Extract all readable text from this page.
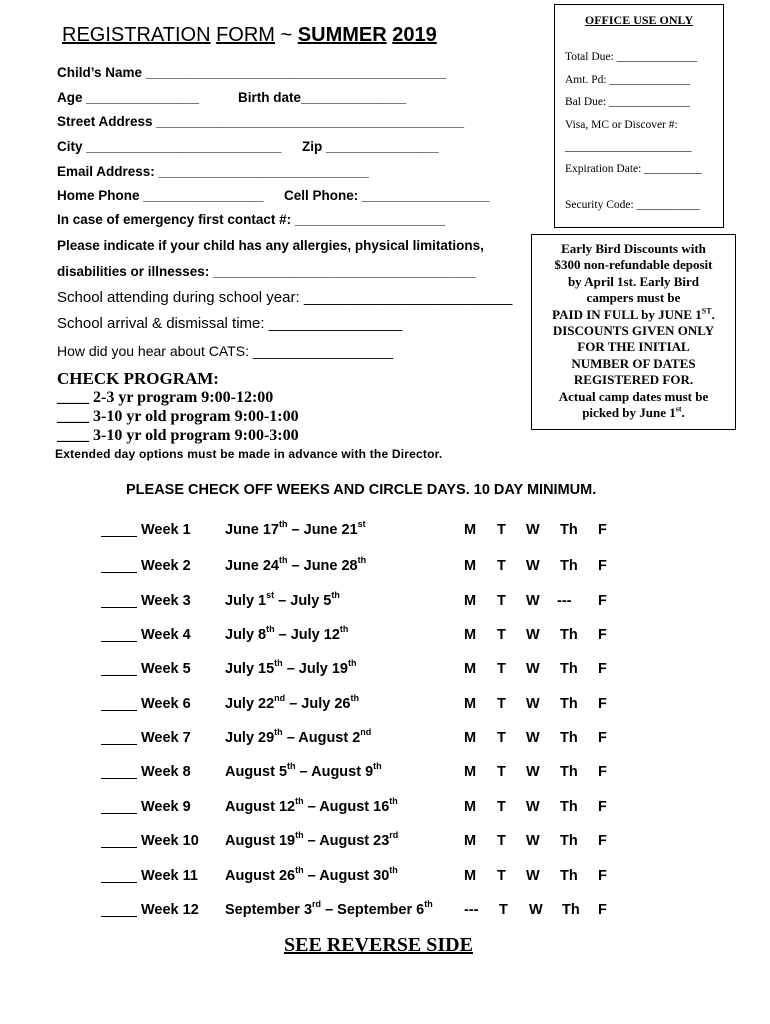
REGISTRATION FORM ~ SUMMER 2019
Child’s Name ________________________________________
Age _______________	Birth date______________
Street Address _________________________________________
City __________________________ Zip _______________
Email Address: ____________________________
Home Phone ________________ Cell Phone: _________________
In case of emergency first contact #: ____________________
Please indicate if your child has any allergies, physical limitations,
disabilities or illnesses: ___________________________________
School attending during school year: _________________________
School arrival & dismissal time: ________________
How did you hear about CATS: __________________
OFFICE USE ONLY
Total Due: ______________
Amt. Pd: ______________
Bal Due: ______________
Visa, MC or Discover #:
______________________
Expiration Date: __________
Security Code: ___________
Early Bird Discounts with
$300 non-refundable deposit
by April 1st. Early Bird
campers must be
PAID IN FULL by JUNE 1ST.
DISCOUNTS GIVEN ONLY
FOR THE INITIAL
NUMBER OF DATES
REGISTERED FOR.
Actual camp dates must be
picked by June 1st.
CHECK PROGRAM:
____ 2-3 yr program 9:00-12:00
____ 3-10 yr old program 9:00-1:00
____ 3-10 yr old program 9:00-3:00
Extended day options must be made in advance with the Director.
PLEASE CHECK OFF WEEKS AND CIRCLE DAYS. 10 DAY MINIMUM.
Week 1 June 17th – June 21st	M T W Th F
Week 2 June 24th – June 28th	M T W Th F
Week 3 July 1st – July 5th	M T W --- F
Week 4 July 8th – July 12th	M T W Th F
Week 5 July 15th – July 19th	M T W Th F
Week 6 July 22nd – July 26th	M T W Th F
Week 7 July 29th – August 2nd	M T W Th F
Week 8 August 5th – August 9th	M T W Th F
Week 9 August 12th – August 16th	M T W Th F
Week 10 August 19th – August 23rd	M T W Th F
Week 11 August 26th – August 30th	M T W Th F
Week 12 September 3rd – September 6th --- T W Th F
SEE REVERSE SIDE
